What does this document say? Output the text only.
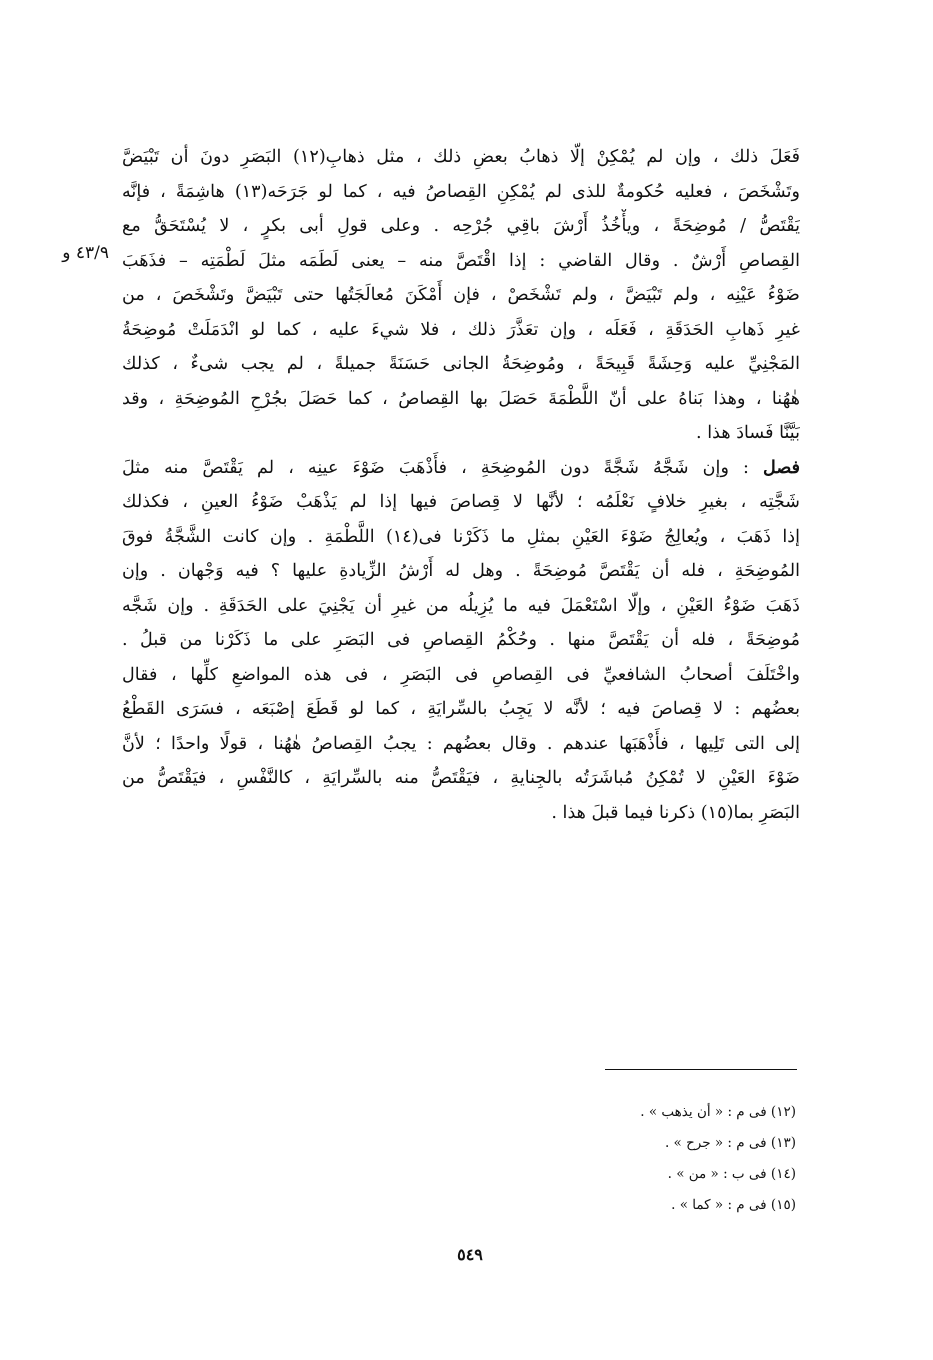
٤٣/٩ و
فَعَلَ ذلك ، وإن لم يُمْكِنْ إلّا ذهابُ بعضِ ذلك ، مثل ذهابِ(١٢) البَصَرِ دونَ أن تَبْيَضَّ
وتَشْخَصَ ، فعليه حُكومةٌ للذى لم يُمْكِنِ القِصاصُ فيه ، كما لو جَرَحَه(١٣) هاشِمَةً ، فإنَّه
يَقْتَصُّ / مُوضِحَةً ، ويأْخُذُ أَرْشَ باقِي جُرْحِه . وعلى قولِ أبى بكرٍ ، لا يُسْتَحَقُّ مع
القِصاصِ أَرْشٌ . وقال القاضي : إذا اقْتَصَّ منه – يعنى لَطَمَه مثلَ لَطْمَتِه – فذَهَبَ
ضَوْءُ عَيْنِه ، ولم تَبْيَضَّ ، ولم تَشْخَصْ ، فإن أَمْكَنَ مُعالَجَتُها حتى تَبْيَضَّ وتَشْخَصَ ، من
غيرِ ذَهابِ الحَدَقَةِ ، فَعَلَه ، وإن تعَذَّرَ ذلك ، فلا شيءَ عليه ، كما لو انْدَمَلَتْ مُوضِحَةُ
المَجْنِيِّ عليه وَحِشَةً قَبِيحَةً ، ومُوضِحَةُ الجانى حَسَنَةً جميلةً ، لم يجب شىءٌ ، كذلك
هٰهُنا ، وهذا بَناهُ على أنّ اللَّطْمَةَ حَصَلَ بها القِصاصُ ، كما حَصَلَ بجُرْحِ المُوضِحَةِ ، وقد
بَيَّنَّا فَسادَ هذا .
فصل : وإن شَجَّهُ شَجَّةً دون المُوضِحَةِ ، فأَذْهَبَ ضَوْءَ عينِه ، لم يَقْتَصَّ منه مثلَ
شَجَّتِه ، بغيرِ خلافٍ نَعْلَمُه ؛ لأنَّها لا قِصاصَ فيها إذا لم يَذْهَبْ ضَوْءُ العينِ ، فكذلك
إذا ذَهَبَ ، ويُعالِجُ ضَوْءَ العَيْنِ بمثلِ ما ذَكَرْنا فى(١٤) اللَّطْمَةِ . وإن كانت الشَّجَّةُ فوقَ
المُوضِحَةِ ، فله أن يَقْتَصَّ مُوضِحَةً . وهل له أَرْشُ الزِّيادةِ عليها ؟ فيه وَجْهان . وإن
ذَهَبَ ضَوْءُ العَيْنِ ، وإلّا اسْتَعْمَلَ فيه ما يُزِيلُه من غيرِ أن يَجْنِيَ على الحَدَقَةِ . وإن شَجَّه
مُوضِحَةً ، فله أن يَقْتَصَّ منها . وحُكْمُ القِصاصِ فى البَصَرِ على ما ذَكَرْنا من قبلُ .
واخْتَلَفَ أصحابُ الشافعيِّ فى القِصاصِ فى البَصَرِ ، فى هذه المواضعِ كلِّها ، فقال
بعضُهم : لا قِصاصَ فيه ؛ لأنَّه لا يَجِبُ بالسِّرايَةِ ، كما لو قَطَعَ إصْبَعَه ، فسَرَى القَطْعُ
إلى التى تَلِيها ، فأَذْهَبَها عندهم . وقال بعضُهم : يجبُ القِصاصُ هٰهُنا ، قولًا واحدًا ؛ لأنَّ
ضَوْءَ العَيْنِ لا تُمْكِنُ مُباشَرَتُه بالجِنايةِ ، فيَقْتَصُّ منه بالسِّرايَةِ ، كالنَّفْسِ ، فيَقْتَصُّ من
البَصَرِ بما(١٥) ذكرنا فيما قبلَ هذا .
(١٢) فى م : « أن يذهب » .
(١٣) فى م : « جرح » .
(١٤) فى ب : « من » .
(١٥) فى م : « كما » .
٥٤٩
